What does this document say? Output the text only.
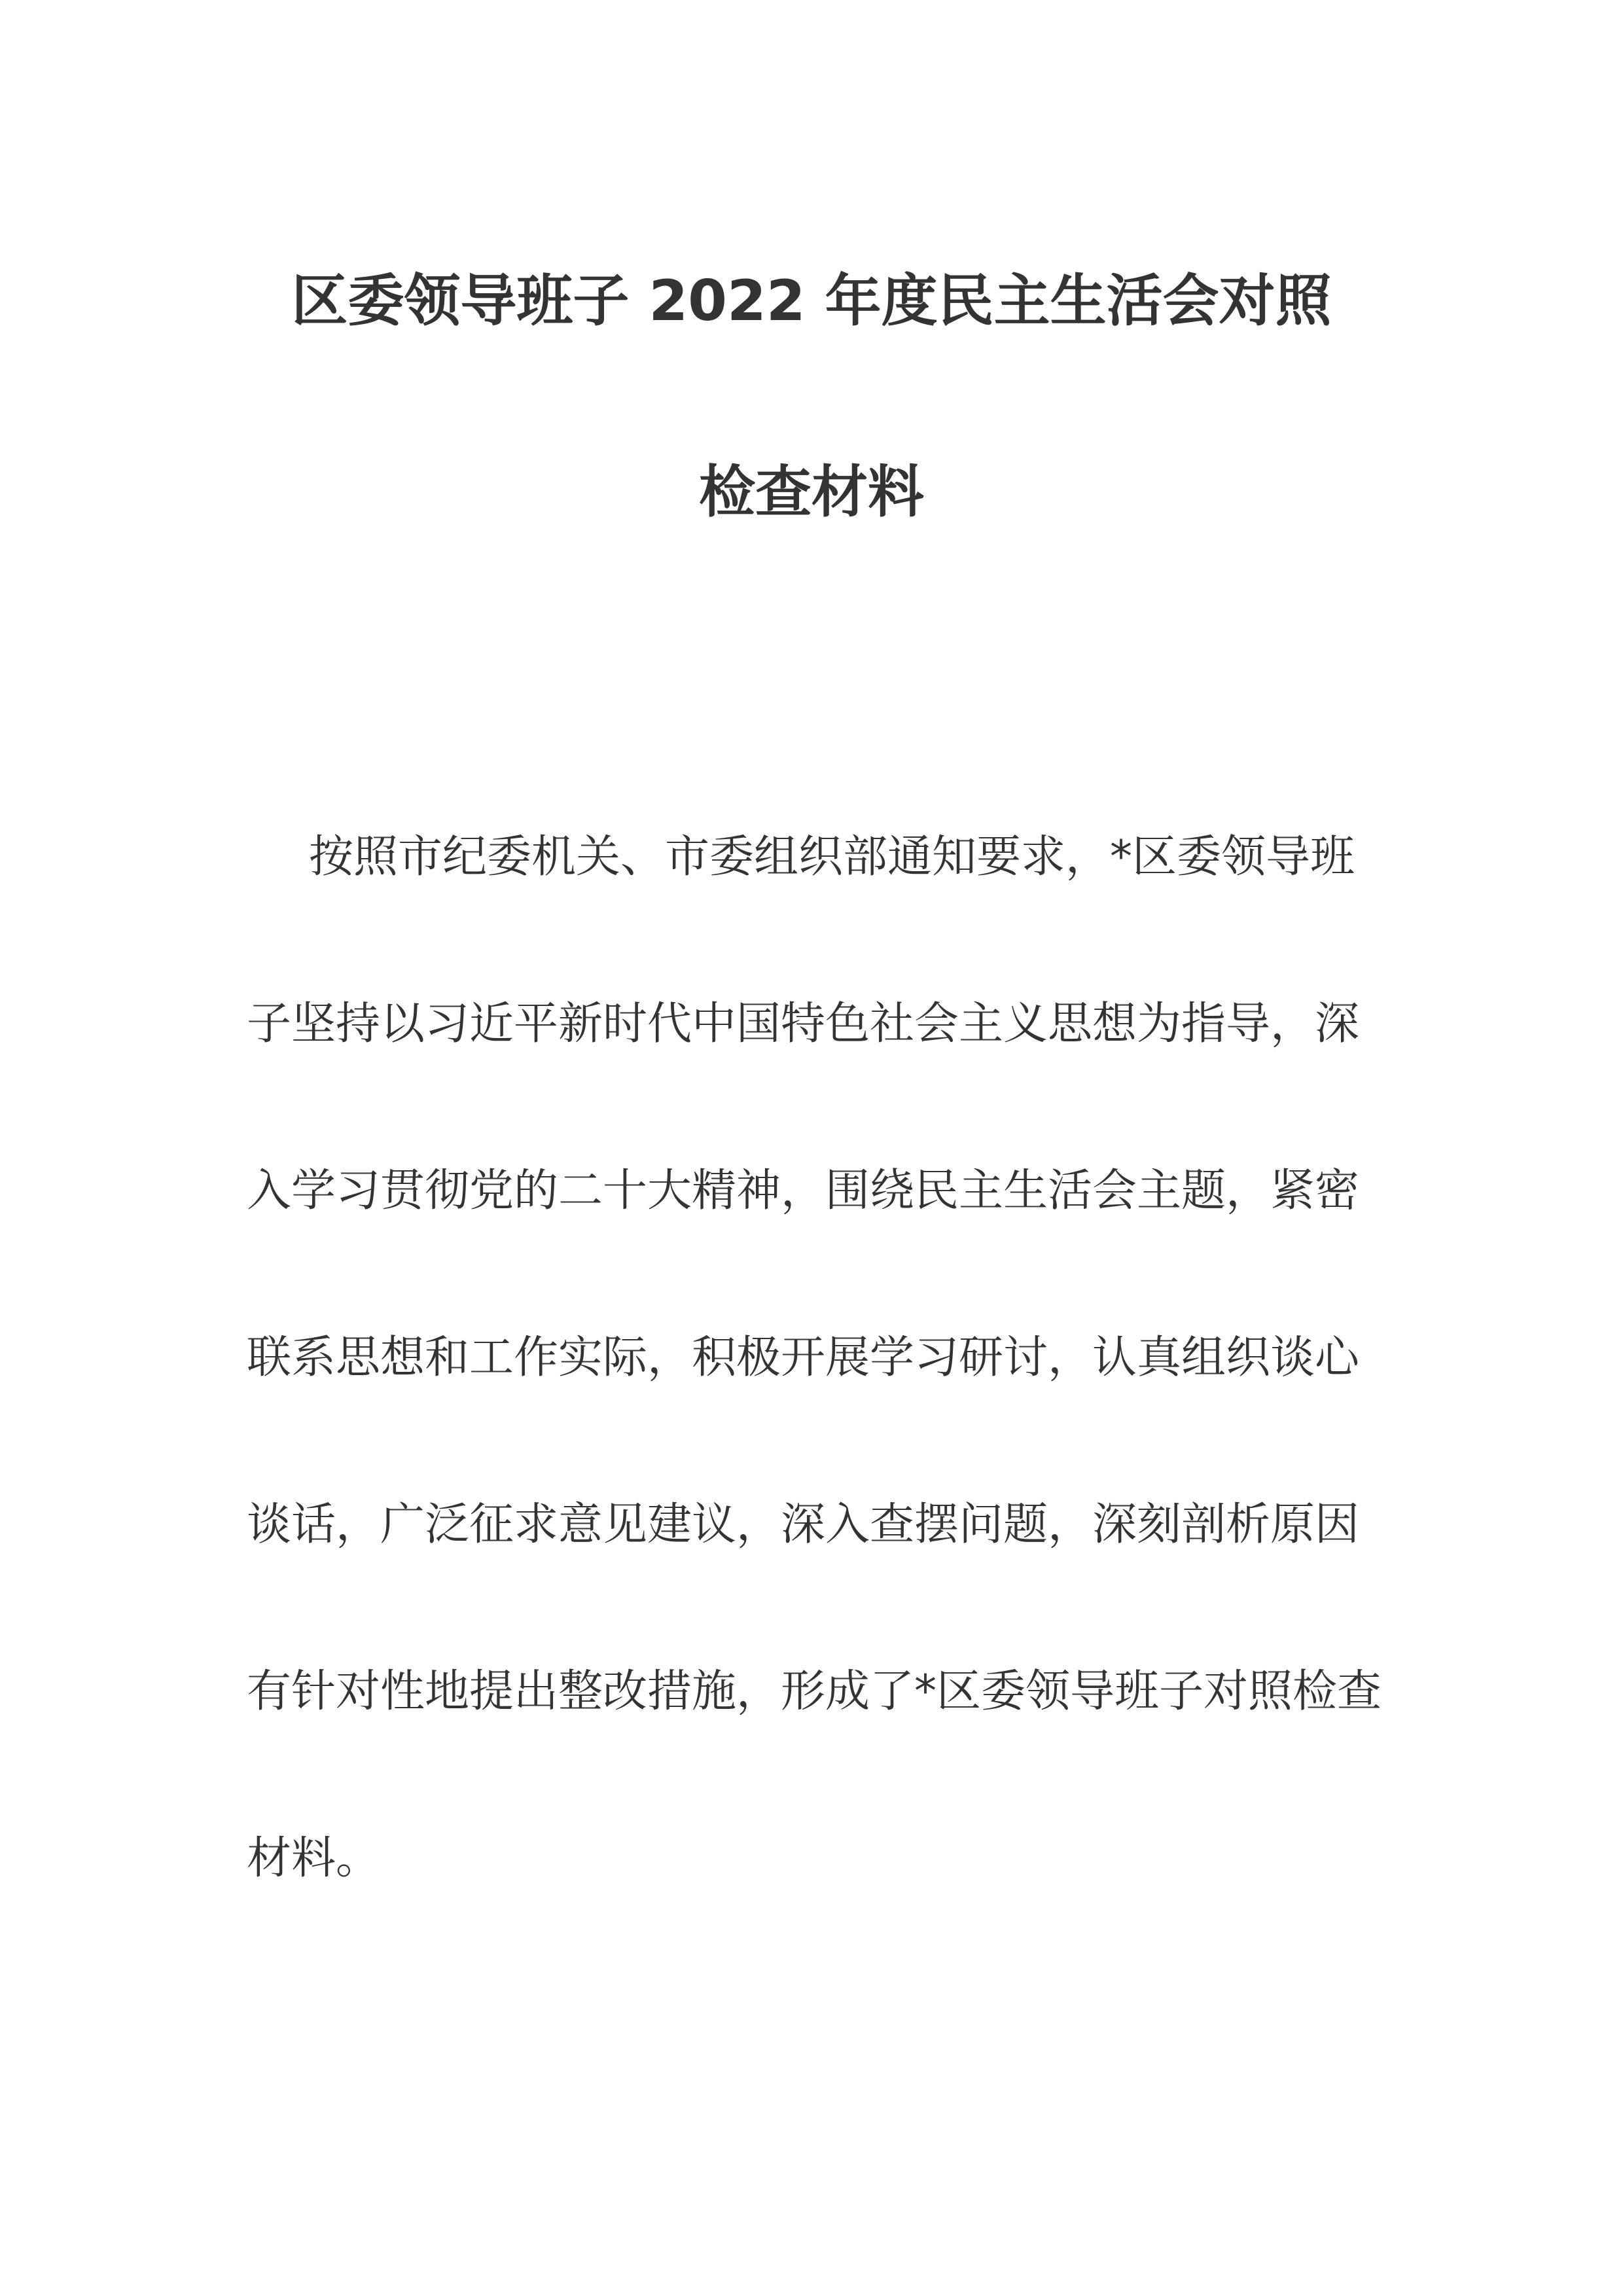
区委领导班子 2022 年度民主生活会对照
检查材料
按照市纪委机关、市委组织部通知要求，*区委领导班
子坚持以习近平新时代中国特色社会主义思想为指导，深
入学习贯彻党的二十大精神，围绕民主生活会主题，紧密
联系思想和工作实际，积极开展学习研讨，认真组织谈心
谈话，广泛征求意见建议，深入查摆问题，深刻剖析原因
有针对性地提出整改措施，形成了*区委领导班子对照检查
材料。
